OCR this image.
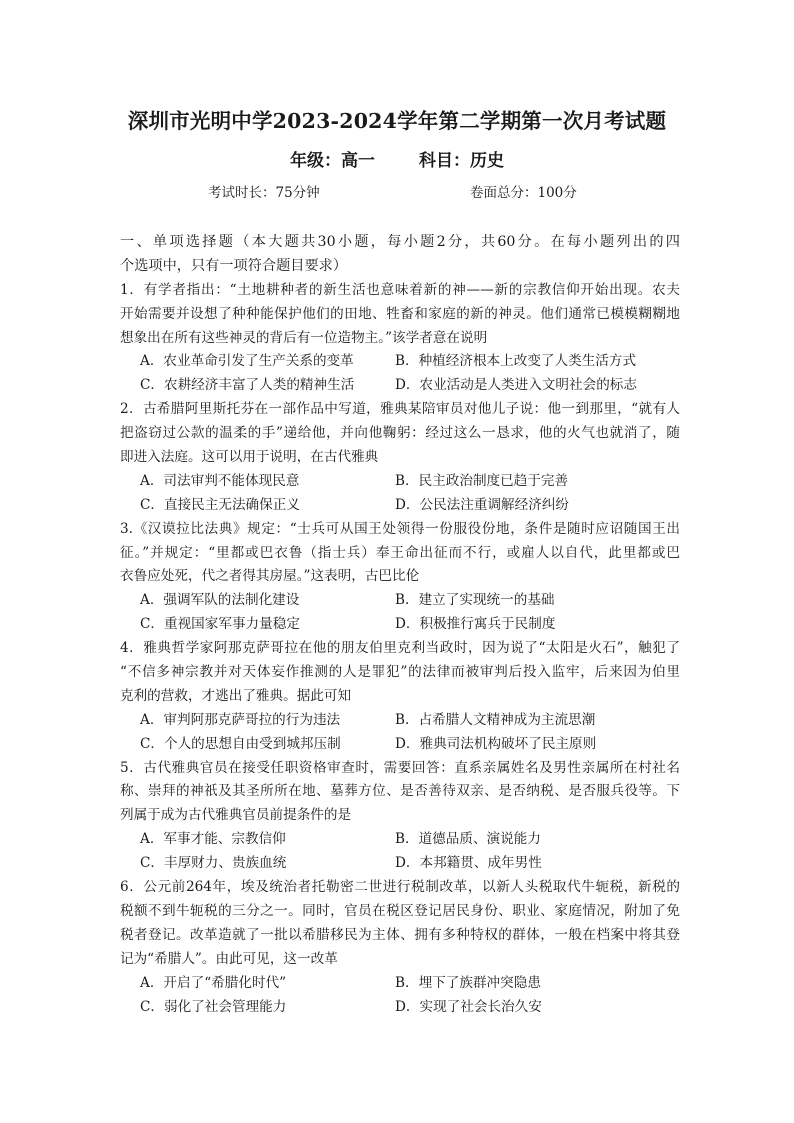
深圳市光明中学2023-2024学年第二学期第一次月考试题
年级：高一	科目：历史
考试时长：75分钟	卷面总分：100分
一、单项选择题（本大题共30小题，每小题2分，共60分。在每小题列出的四
个选项中，只有一项符合题目要求）
1．有学者指出：“土地耕种者的新生活也意味着新的神——新的宗教信仰开始出现。农夫
开始需要并设想了种种能保护他们的田地、牲畜和家庭的新的神灵。他们通常已模模糊糊地
想象出在所有这些神灵的背后有一位造物主。”该学者意在说明
A．农业革命引发了生产关系的变革	B．种植经济根本上改变了人类生活方式
C．农耕经济丰富了人类的精神生活	D．农业活动是人类进入文明社会的标志
2．古希腊阿里斯托芬在一部作品中写道，雅典某陪审员对他儿子说：他一到那里，“就有人
把盗窃过公款的温柔的手”递给他，并向他鞠躬：经过这么一恳求，他的火气也就消了，随
即进入法庭。这可以用于说明，在古代雅典
A．司法审判不能体现民意	B．民主政治制度已趋于完善
C．直接民主无法确保正义	D．公民法注重调解经济纠纷
3.《汉谟拉比法典》规定：“士兵可从国王处领得一份服役份地，条件是随时应诏随国王出
征。”并规定：“里都或巴衣鲁（指士兵）奉王命出征而不行，或雇人以自代，此里都或巴
衣鲁应处死，代之者得其房屋。”这表明，古巴比伦
A．强调军队的法制化建设	B．建立了实现统一的基础
C．重视国家军事力量稳定	D．积极推行寓兵于民制度
4．雅典哲学家阿那克萨哥拉在他的朋友伯里克利当政时，因为说了“太阳是火石”，触犯了
“不信多神宗教并对天体妄作推测的人是罪犯”的法律而被审判后投入监牢，后来因为伯里
克利的营救，才逃出了雅典。据此可知
A．审判阿那克萨哥拉的行为违法	B．占希腊人文精神成为主流思潮
C．个人的思想自由受到城邦压制	D．雅典司法机构破坏了民主原则
5．古代雅典官员在接受任职资格审查时，需要回答：直系亲属姓名及男性亲属所在村社名
称、崇拜的神祇及其圣所所在地、墓葬方位、是否善待双亲、是否纳税、是否服兵役等。下
列属于成为古代雅典官员前提条件的是
A．军事才能、宗教信仰	B．道德品质、演说能力
C．丰厚财力、贵族血统	D．本邦籍贯、成年男性
6．公元前264年，埃及统治者托勒密二世进行税制改革，以新人头税取代牛轭税，新税的
税额不到牛轭税的三分之一。同时，官员在税区登记居民身份、职业、家庭情况，附加了免
税者登记。改革造就了一批以希腊移民为主体、拥有多种特权的群体，一般在档案中将其登
记为“希腊人”。由此可见，这一改革
A．开启了“希腊化时代”	B．埋下了族群冲突隐患
C．弱化了社会管理能力	D．实现了社会长治久安
